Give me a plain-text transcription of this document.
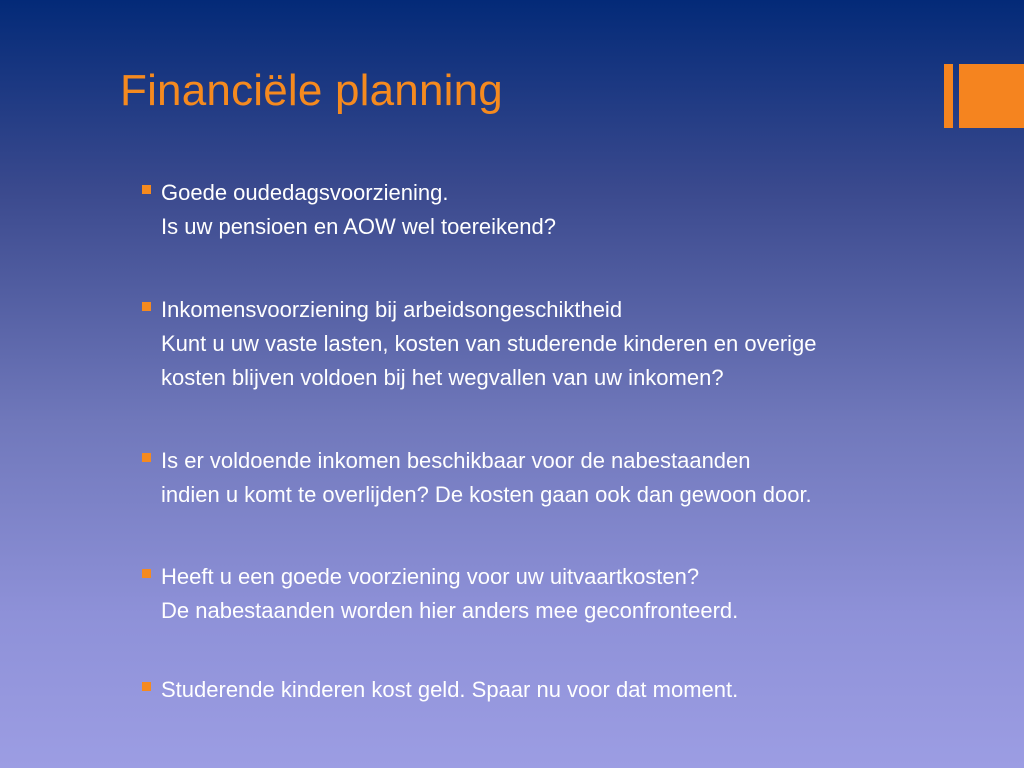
Financiële planning
Goede oudedagsvoorziening.
Is uw pensioen en AOW wel toereikend?
Inkomensvoorziening bij arbeidsongeschiktheid
Kunt u uw vaste lasten, kosten van studerende kinderen en overige
kosten blijven voldoen bij het wegvallen van uw inkomen?
Is er voldoende inkomen beschikbaar voor de nabestaanden
indien u komt te overlijden? De kosten gaan ook dan gewoon door.
Heeft u een goede voorziening voor uw uitvaartkosten?
De nabestaanden worden hier anders mee geconfronteerd.
Studerende kinderen kost geld. Spaar nu voor dat moment.
